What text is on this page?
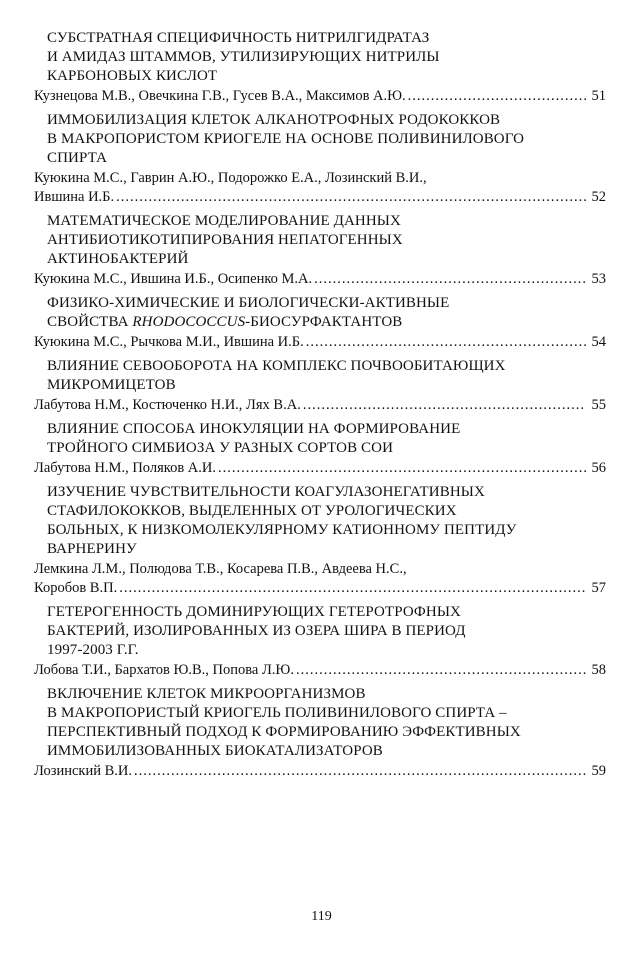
СУБСТРАТНАЯ СПЕЦИФИЧНОСТЬ НИТРИЛГИДРАТАЗ
И АМИДАЗ ШТАММОВ, УТИЛИЗИРУЮЩИХ НИТРИЛЫ
КАРБОНОВЫХ КИСЛОТ
Кузнецова М.В., Овечкина Г.В., Гусев В.А., Максимов А.Ю. .....	51
ИММОБИЛИЗАЦИЯ КЛЕТОК АЛКАНОТРОФНЫХ РОДОКОККОВ
В МАКРОПОРИСТОМ КРИОГЕЛЕ НА ОСНОВЕ ПОЛИВИНИЛОВОГО
СПИРТА
Куюкина М.С., Гаврин А.Ю., Подорожко Е.А., Лозинский В.И.,
Ившина И.Б. .....	52
МАТЕМАТИЧЕСКОЕ МОДЕЛИРОВАНИЕ ДАННЫХ
АНТИБИОТИКОТИПИРОВАНИЯ НЕПАТОГЕННЫХ
АКТИНОБАКТЕРИЙ
Куюкина М.С., Ившина И.Б., Осипенко М.А. .....	53
ФИЗИКО-ХИМИЧЕСКИЕ И БИОЛОГИЧЕСКИ-АКТИВНЫЕ
СВОЙСТВА RHODOCOCCUS-БИОСУРФАКТАНТОВ
Куюкина М.С., Рычкова М.И., Ившина И.Б. .....	54
ВЛИЯНИЕ СЕВООБОРОТА НА КОМПЛЕКС ПОЧВООБИТАЮЩИХ
МИКРОМИЦЕТОВ
Лабутова Н.М., Костюченко Н.И., Лях В.А. .....	55
ВЛИЯНИЕ СПОСОБА ИНОКУЛЯЦИИ НА ФОРМИРОВАНИЕ
ТРОЙНОГО СИМБИОЗА У РАЗНЫХ СОРТОВ СОИ
Лабутова Н.М., Поляков А.И. .....	56
ИЗУЧЕНИЕ ЧУВСТВИТЕЛЬНОСТИ КОАГУЛАЗОНЕГАТИВНЫХ
СТАФИЛОКОККОВ, ВЫДЕЛЕННЫХ ОТ УРОЛОГИЧЕСКИХ
БОЛЬНЫХ, К НИЗКОМОЛЕКУЛЯРНОМУ КАТИОННОМУ ПЕПТИДУ
ВАРНЕРИНУ
Лемкина Л.М., Полюдова Т.В., Косарева П.В., Авдеева Н.С.,
Коробов В.П. .....	57
ГЕТЕРОГЕННОСТЬ ДОМИНИРУЮЩИХ ГЕТЕРОТРОФНЫХ
БАКТЕРИЙ, ИЗОЛИРОВАННЫХ ИЗ ОЗЕРА ШИРА В ПЕРИОД
1997-2003 Г.Г.
Лобова Т.И., Бархатов Ю.В., Попова Л.Ю. .....	58
ВКЛЮЧЕНИЕ КЛЕТОК МИКРООРГАНИЗМОВ
В МАКРОПОРИСТЫЙ КРИОГЕЛЬ ПОЛИВИНИЛОВОГО СПИРТА –
ПЕРСПЕКТИВНЫЙ ПОДХОД К ФОРМИРОВАНИЮ ЭФФЕКТИВНЫХ
ИММОБИЛИЗОВАННЫХ БИОКАТАЛИЗАТОРОВ
Лозинский В.И. .....	59
119
